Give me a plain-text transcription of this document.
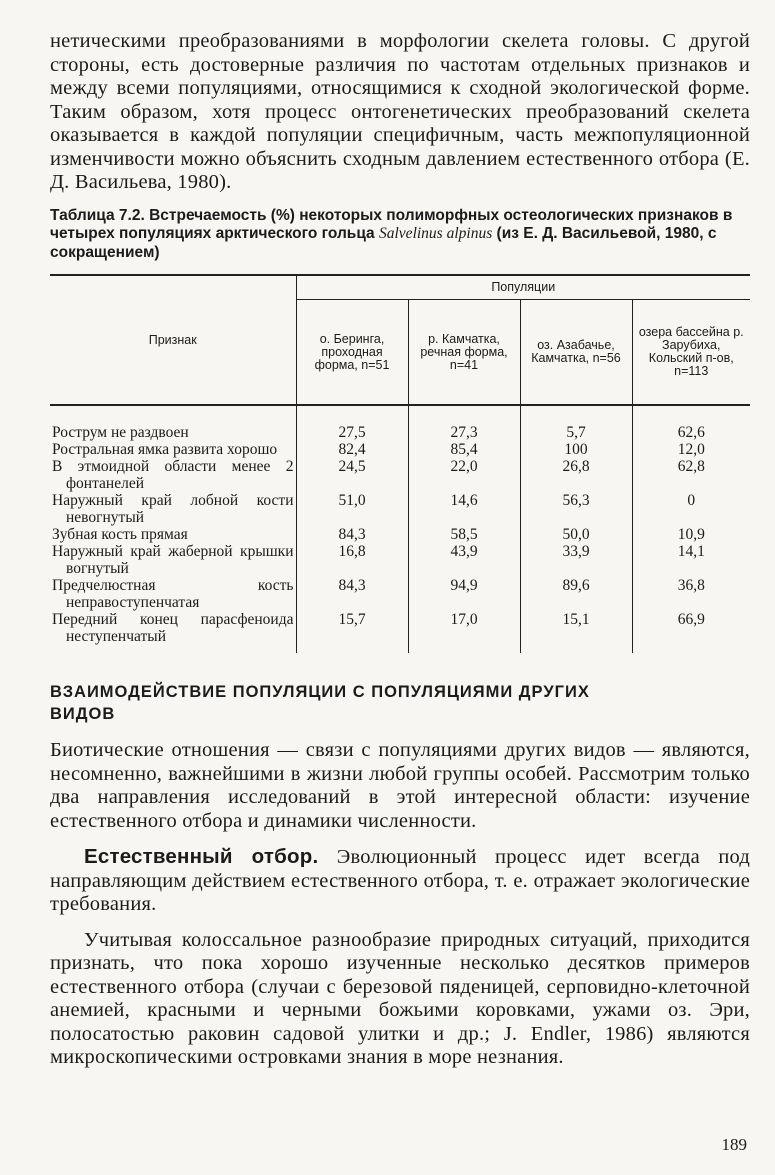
нетическими преобразованиями в морфологии скелета головы. С другой стороны, есть достоверные различия по частотам отдельных признаков и между всеми популяциями, относящимися к сходной экологической форме. Таким образом, хотя процесс онтогенетических преобразований скелета оказывается в каждой популяции специфичным, часть межпопуляционной изменчивости можно объяснить сходным давлением естественного отбора (Е. Д. Васильева, 1980).

Таблица 7.2. Встречаемость (%) некоторых полиморфных остеологических признаков в четырех популяциях арктического гольца Salvelinus alpinus (из Е. Д. Васильевой, 1980, с сокращением)
Признак	Популяции			
	о. Беринга, проходная форма, n=51	р. Камчатка, речная форма, n=41	оз. Азабачье, Камчатка, n=56	озера бассейна р. Зарубиха, Кольский п-ов, n=113

Рострум не раздвоен	27,5	27,3	5,7	62,6

Ростральная ямка развита хорошо	82,4	85,4	100	12,0

В этмоидной области менее 2 фонтанелей	24,5	22,0	26,8	62,8

Наружный край лобной кости невогнутый	51,0	14,6	56,3	0

Зубная кость прямая	84,3	58,5	50,0	10,9

Наружный край жаберной крышки вогнутый	16,8	43,9	33,9	14,1

Предчелюстная кость неправоступенчатая	84,3	94,9	89,6	36,8

Передний конец парасфеноида неступенчатый	15,7	17,0	15,1	66,9
ВЗАИМОДЕЙСТВИЕ ПОПУЛЯЦИИ С ПОПУЛЯЦИЯМИ ДРУГИХ ВИДОВ

Биотические отношения — связи с популяциями других видов — являются, несомненно, важнейшими в жизни любой группы особей. Рассмотрим только два направления исследований в этой интересной области: изучение естественного отбора и динамики численности.

Естественный отбор. Эволюционный процесс идет всегда под направляющим действием естественного отбора, т. е. отражает экологические требования.

Учитывая колоссальное разнообразие природных ситуаций, приходится признать, что пока хорошо изученные несколько десятков примеров естественного отбора (случаи с березовой пяденицей, серповидно-клеточной анемией, красными и черными божьими коровками, ужами оз. Эри, полосатостью раковин садовой улитки и др.; J. Endler, 1986) являются микроскопическими островками знания в море незнания.

189
